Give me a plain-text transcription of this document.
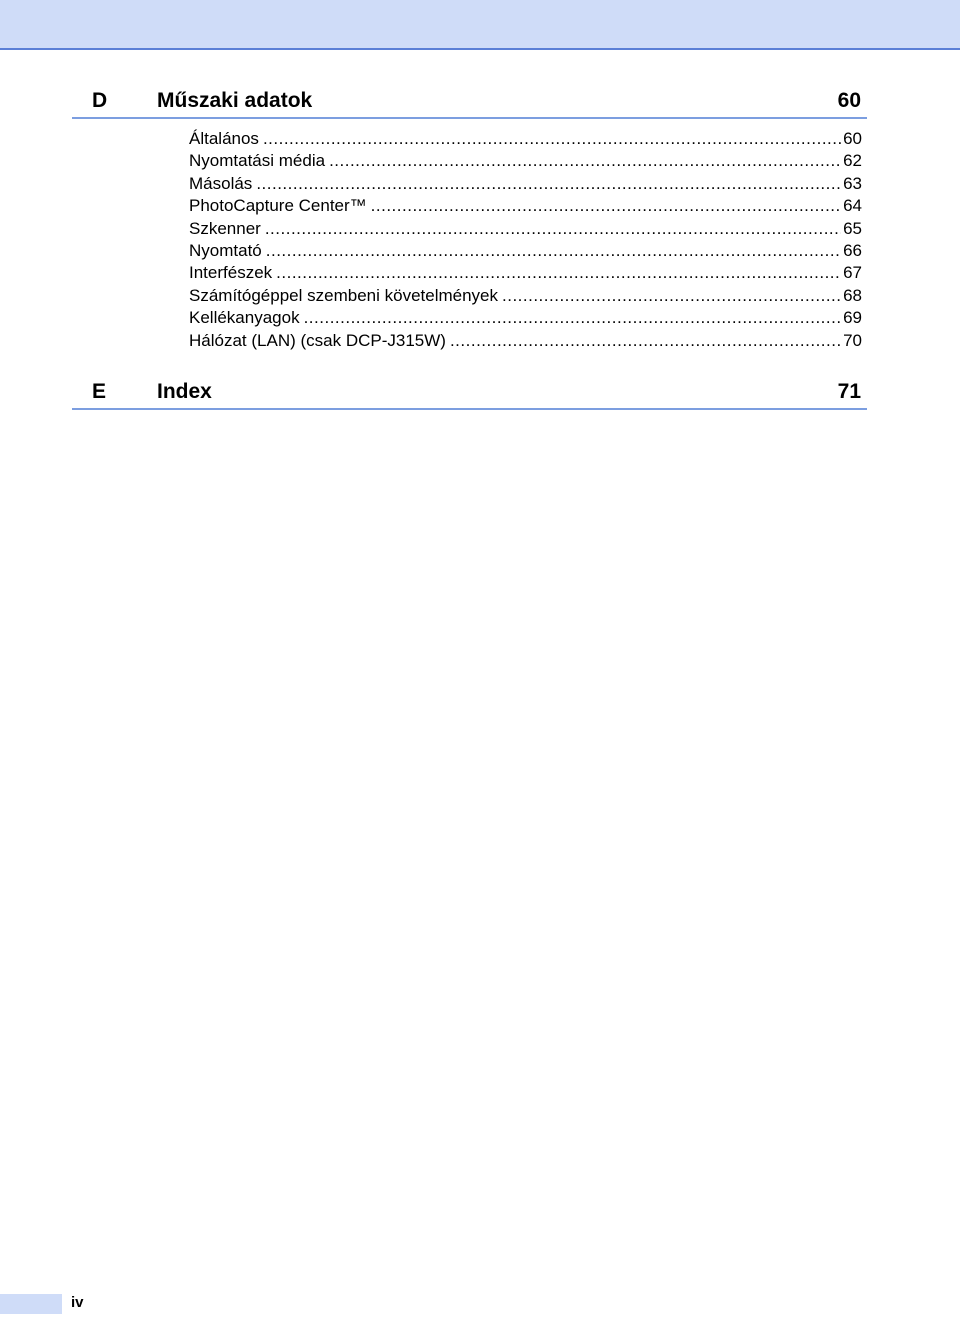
D Műszaki adatok	60
Általános .....	60
Nyomtatási média .....	62
Másolás .....	63
PhotoCapture Center™ .....	64
Szkenner .....	65
Nyomtató .....	66
Interfészek .....	67
Számítógéppel szembeni követelmények .....	68
Kellékanyagok .....	69
Hálózat (LAN) (csak DCP-J315W) .....	70
E Index	71
iv
